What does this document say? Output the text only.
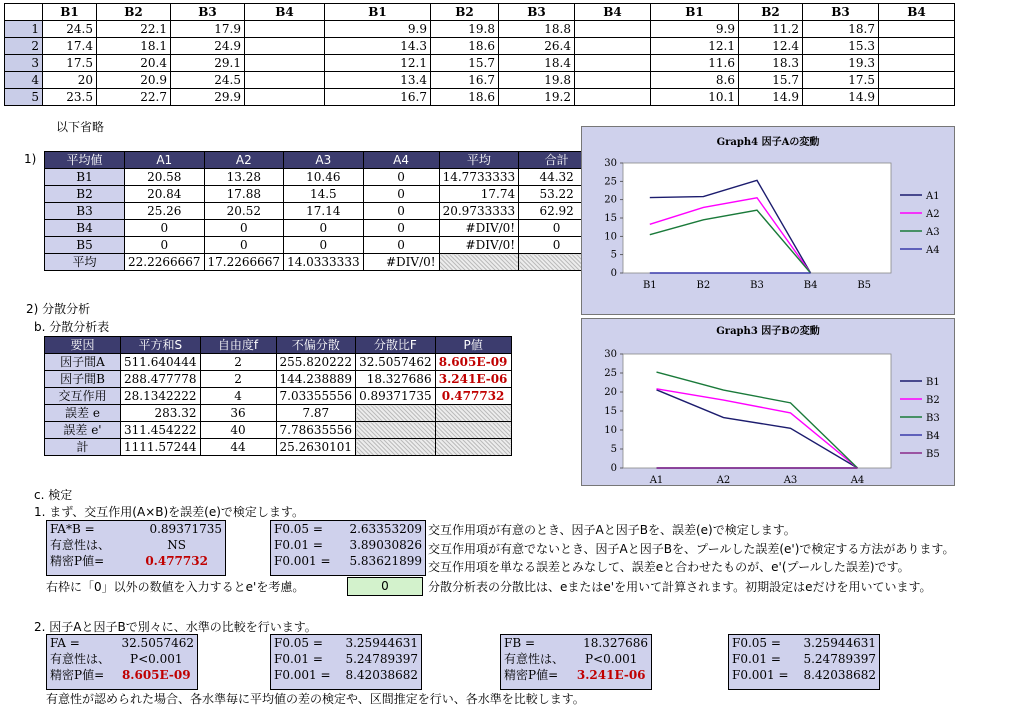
	B1	B2	B3	B4	B1	B2	B3	B4	B1	B2	B3	B4
1	24.5	22.1	17.9		9.9	19.8	18.8		9.9	11.2	18.7	
2	17.4	18.1	24.9		14.3	18.6	26.4		12.1	12.4	15.3	
3	17.5	20.4	29.1		12.1	15.7	18.4		11.6	18.3	19.3	
4	20	20.9	24.5		13.4	16.7	19.8		8.6	15.7	17.5	
5	23.5	22.7	29.9		16.7	18.6	19.2		10.1	14.9	14.9	
以下省略
1)	平均値	A1	A2	A3	A4	平均	合計
B1	20.58	13.28	10.46	0	14.7733333	44.32
B2	20.84	17.88	14.5	0	17.74	53.22
B3	25.26	20.52	17.14	0	20.9733333	62.92
B4	0	0	0	0	#DIV/0!	0
B5	0	0	0	0	#DIV/0!	0
平均	22.2266667	17.2266667	14.0333333	#DIV/0!		
2) 分散分析
b. 分散分析表
要因	平方和S	自由度f	不偏分散	分散比F	P値
因子間A	511.640444	2	255.820222	32.5057462	8.605E-09
因子間B	288.477778	2	144.238889	18.327686	3.241E-06
交互作用	28.1342222	4	7.03355556	0.89371735	0.477732
誤差 e	283.32	36	7.87		
誤差 e'	311.454222	40	7.78635556		
計	1111.57244	44	25.2630101		
Graph4 因子Aの変動
0
5
10
15
20
25
30
B1	B2	B3	B4	B5
A1
A2
A3
A4
Graph3 因子Bの変動
0
5
10
15
20
25
30
A1	A2	A3	A4
B1
B2
B3
B4
B5
c. 検定
1. まず、交互作用(A×B)を誤差(e)で検定します。
FA*B =	0.89371735
有意性は、	NS
精密P値=	0.477732
F0.05 =	2.63353209
F0.01 =	3.89030826
F0.001 =	5.83621899
交互作用項が有意のとき、因子Aと因子Bを、誤差(e)で検定します。
交互作用項が有意でないとき、因子Aと因子Bを、プールした誤差(e')で検定する方法があります。
交互作用項を単なる誤差とみなして、誤差eと合わせたものが、e'(プールした誤差)です。
右枠に「0」以外の数値を入力するとe'を考慮。	0	分散分析表の分散比は、eまたはe'を用いて計算されます。初期設定はeだけを用いています。
2. 因子Aと因子Bで別々に、水準の比較を行います。
FA =	32.5057462
有意性は、	P<0.001
精密P値=	8.605E-09
F0.05 =	3.25944631
F0.01 =	5.24789397
F0.001 =	8.42038682
FB =	18.327686
有意性は、	P<0.001
精密P値=	3.241E-06
F0.05 =	3.25944631
F0.01 =	5.24789397
F0.001 =	8.42038682
有意性が認められた場合、各水準毎に平均値の差の検定や、区間推定を行い、各水準を比較します。
